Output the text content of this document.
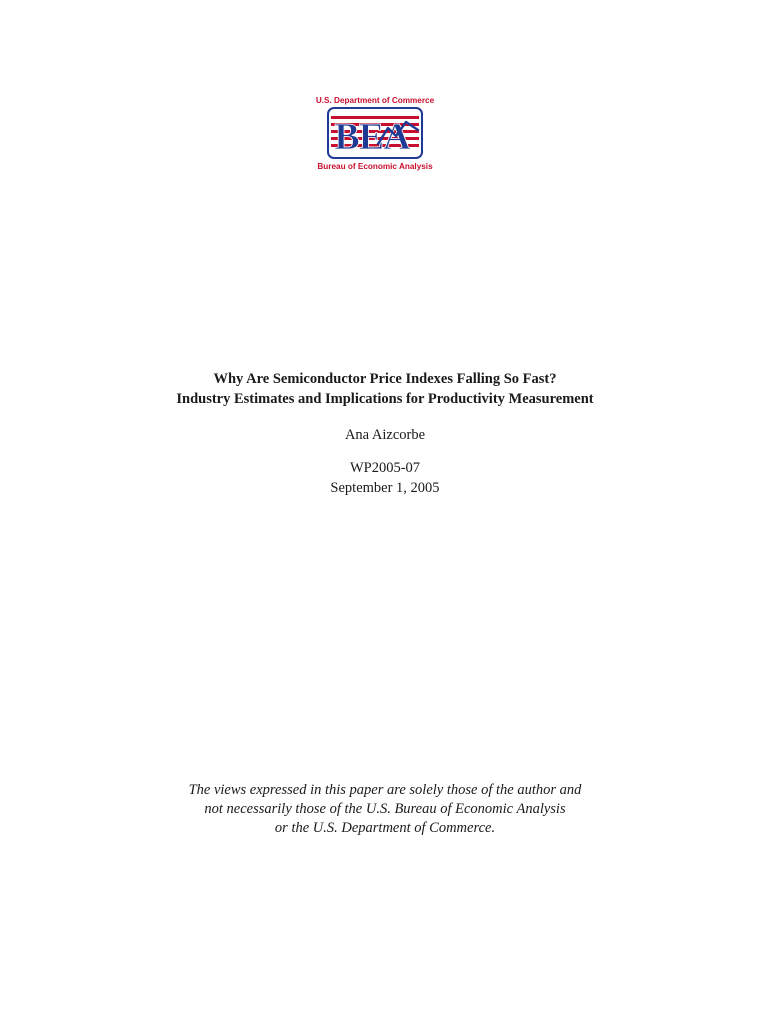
U.S. Department of Commerce
BEA
Bureau of Economic Analysis
Why Are Semiconductor Price Indexes Falling So Fast?
Industry Estimates and Implications for Productivity Measurement
Ana Aizcorbe
WP2005-07
September 1, 2005
The views expressed in this paper are solely those of the author and
not necessarily those of the U.S. Bureau of Economic Analysis
or the U.S. Department of Commerce.
